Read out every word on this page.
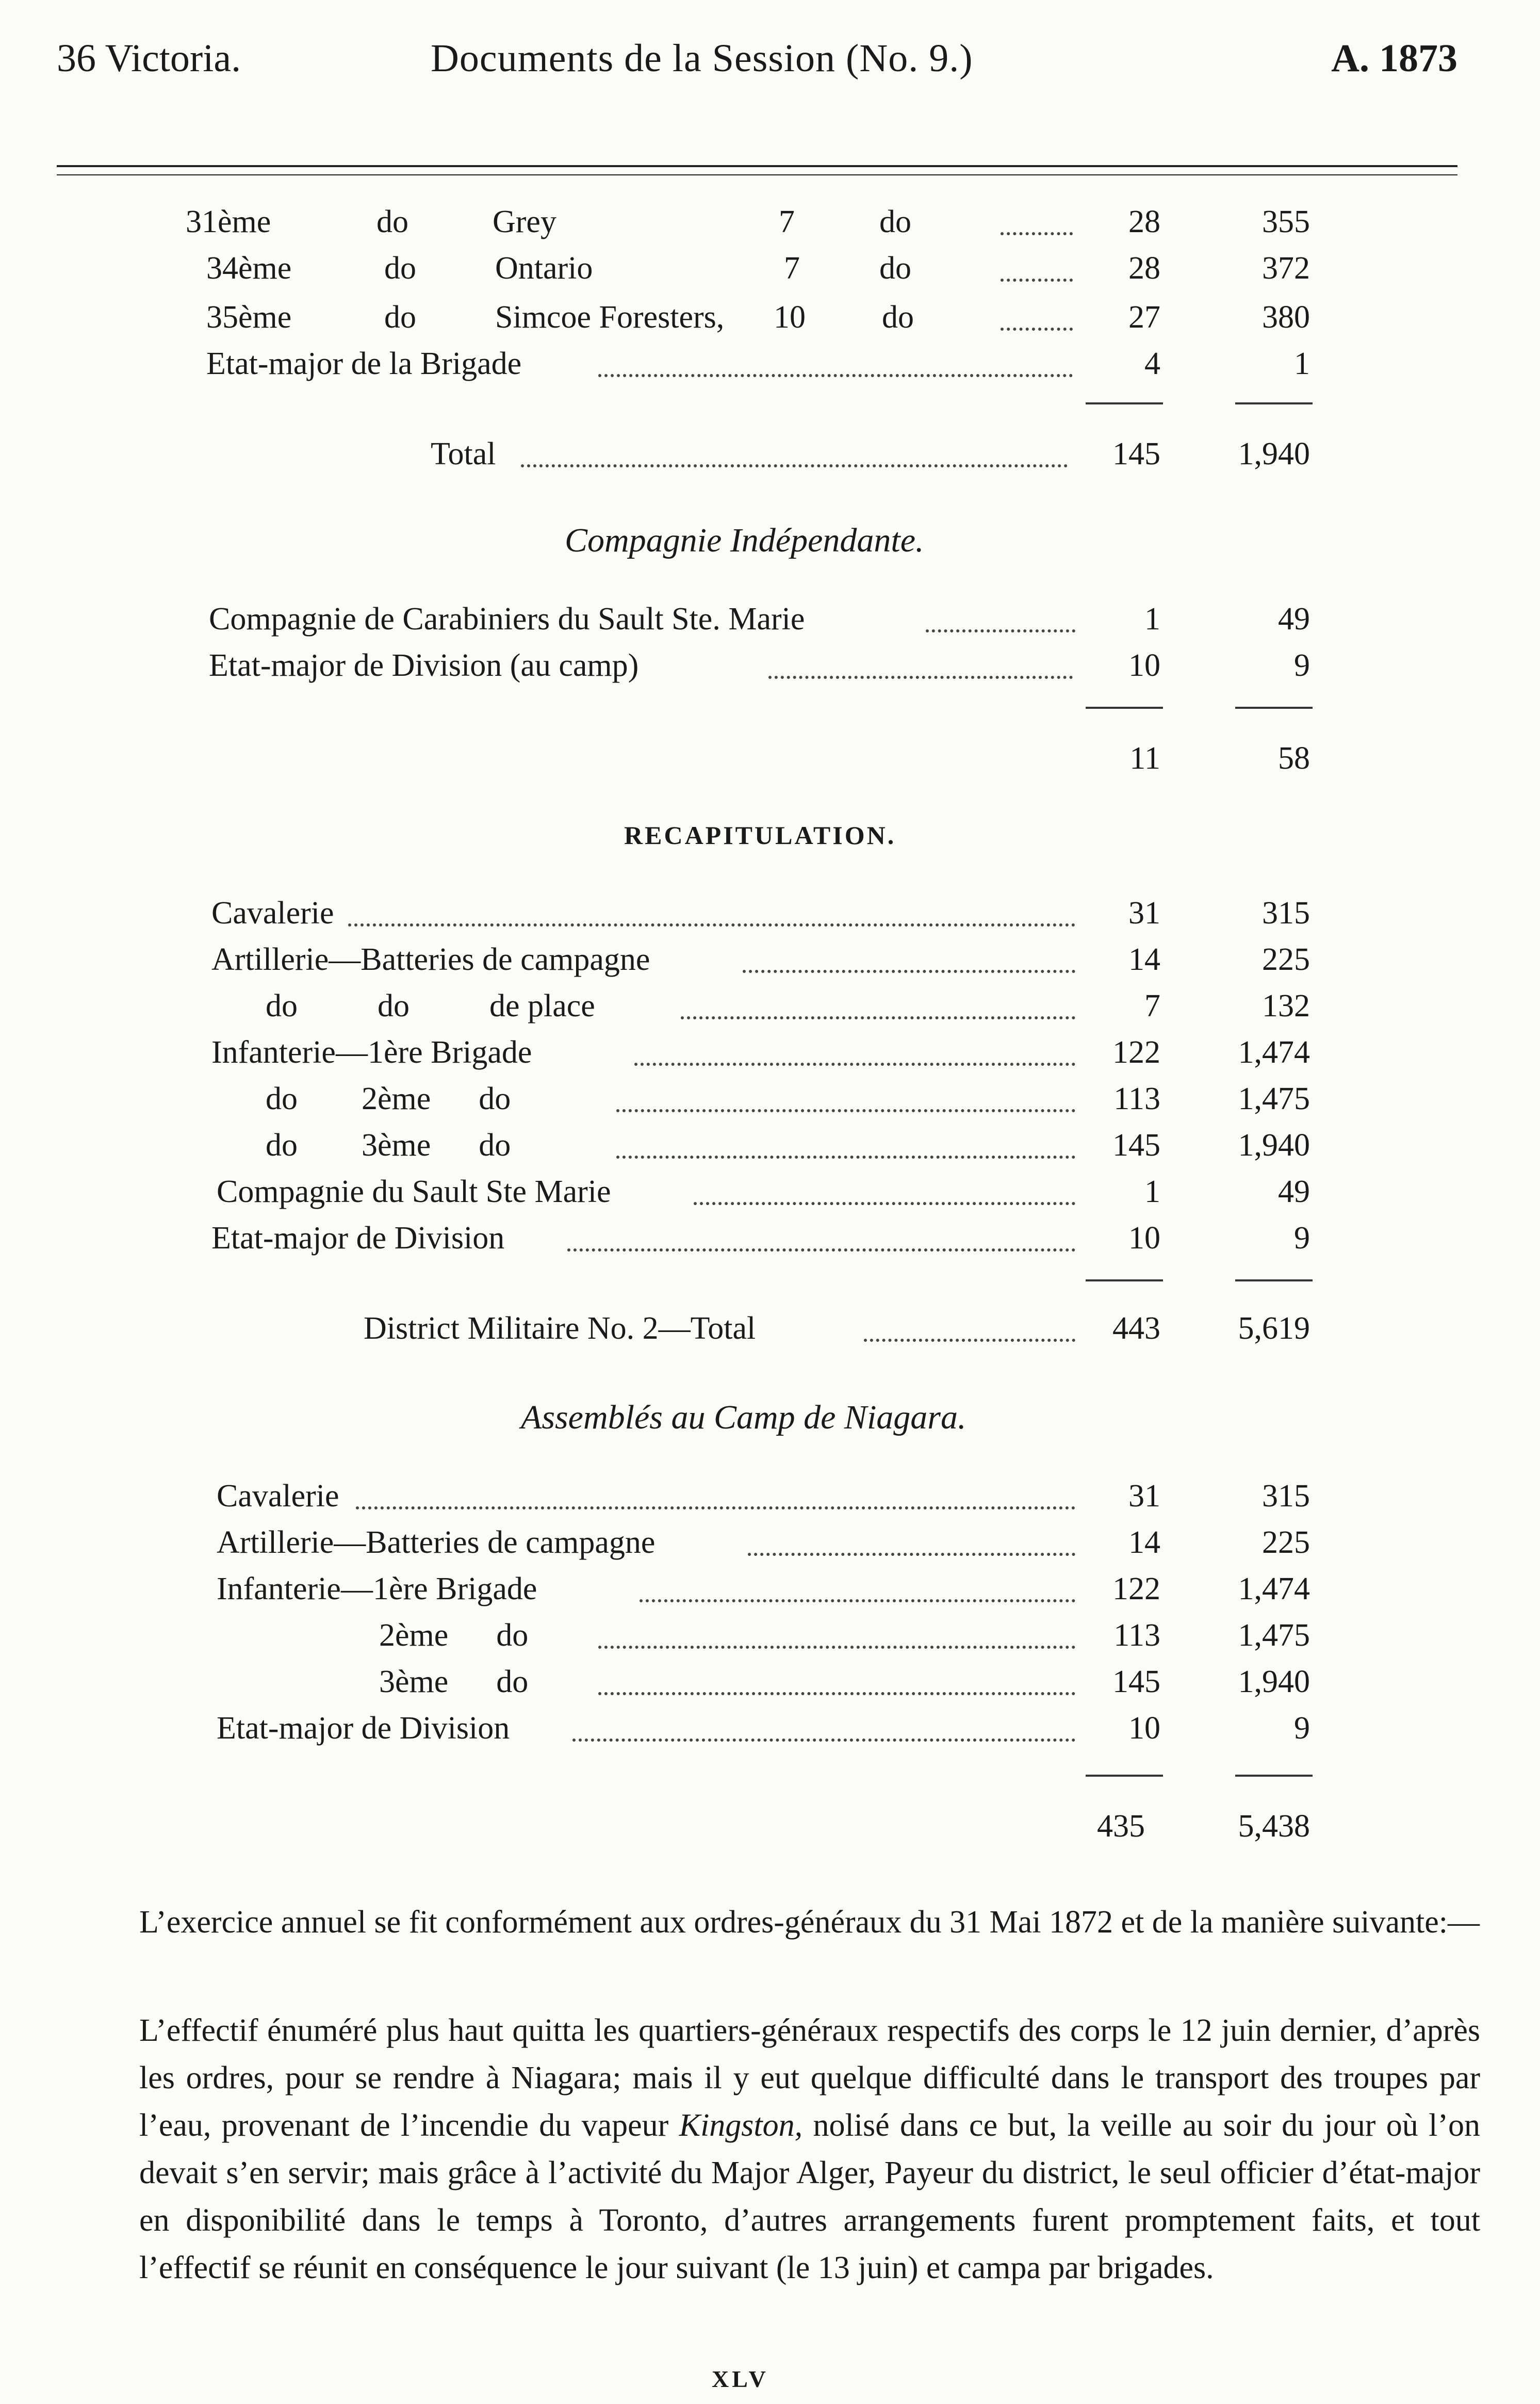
36 Victoria.	Documents de la Session (No. 9.)	A. 1873
31ème	do	Grey	7	do	28	355
34ème	do Ontario	7 do	28	372
35ème	do Simcoe Foresters, 10 do	27	380
Etat-major de la Brigade	4	1
Total	145	1,940
Compagnie Indépendante.
Compagnie de Carabiniers du Sault Ste. Marie	1	49
Etat-major de Division (au camp)	10	9
11	58
RECAPITULATION.
Cavalerie	31	315
Artillerie—Batteries de campagne	14	225
do          do          de place	7	132
Infanterie—1ère Brigade	122	1,474
do        2ème      do	113	1,475
do        3ème      do	145	1,940
Compagnie du Sault Ste Marie	1	49
Etat-major de Division	10	9
District Militaire No. 2—Total	443	5,619
Assemblés au Camp de Niagara.
Cavalerie	31	315
Artillerie—Batteries de campagne	14	225
Infanterie—1ère Brigade	122	1,474
2ème      do	113	1,475
3ème      do	145	1,940
Etat-major de Division	10	9
435	5,438

L’exercice annuel se fit conformément aux ordres-généraux du 31 Mai 1872 et de la manière suivante:—

L’effectif énuméré plus haut quitta les quartiers-généraux respectifs des corps le 12 juin dernier, d’après les ordres, pour se rendre à Niagara; mais il y eut quelque difficulté dans le transport des troupes par l’eau, provenant de l’incendie du vapeur Kingston, nolisé dans ce but, la veille au soir du jour où l’on devait s’en servir; mais grâce à l’activité du Major Alger, Payeur du district, le seul officier d’état-major en disponibilité dans le temps à Toronto, d’autres arrangements furent promptement faits, et tout l’effectif se réunit en conséquence le jour suivant (le 13 juin) et campa par brigades.

XLV
